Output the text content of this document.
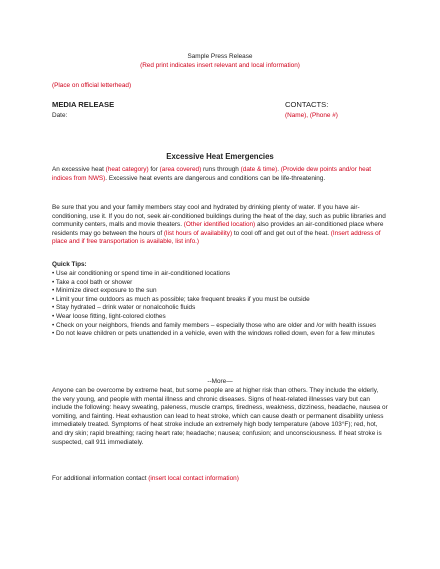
Sample Press Release
(Red print indicates insert relevant and local information)
(Place on official letterhead)
MEDIA RELEASE
Date:
CONTACTS:
(Name), (Phone #)
Excessive Heat Emergencies

An excessive heat (heat category) for (area covered) runs through (date & time). (Provide dew points and/or heat indices from NWS). Excessive heat events are dangerous and conditions can be life-threatening.

Be sure that you and your family members stay cool and hydrated by drinking plenty of water. If you have air-conditioning, use it. If you do not, seek air-conditioned buildings during the heat of the day, such as public libraries and community centers, malls and movie theaters. (Other identified location) also provides an air-conditioned place where residents may go between the hours of (list hours of availability) to cool off and get out of the heat. (Insert address of place and if free transportation is available, list info.)

Quick Tips:
• Use air conditioning or spend time in air-conditioned locations
• Take a cool bath or shower
• Minimize direct exposure to the sun
• Limit your time outdoors as much as possible; take frequent breaks if you must be outside
• Stay hydrated – drink water or nonalcoholic fluids
• Wear loose fitting, light-colored clothes
• Check on your neighbors, friends and family members – especially those who are older and /or with health issues
• Do not leave children or pets unattended in a vehicle, even with the windows rolled down, even for a few minutes
--More—

Anyone can be overcome by extreme heat, but some people are at higher risk than others. They include the elderly, the very young, and people with mental illness and chronic diseases. Signs of heat-related illnesses vary but can include the following: heavy sweating, paleness, muscle cramps, tiredness, weakness, dizziness, headache, nausea or vomiting, and fainting. Heat exhaustion can lead to heat stroke, which can cause death or permanent disability unless immediately treated. Symptoms of heat stroke include an extremely high body temperature (above 103°F); red, hot, and dry skin; rapid breathing; racing heart rate; headache; nausea; confusion; and unconsciousness. If heat stroke is suspected, call 911 immediately.

For additional information contact (insert local contact information)
